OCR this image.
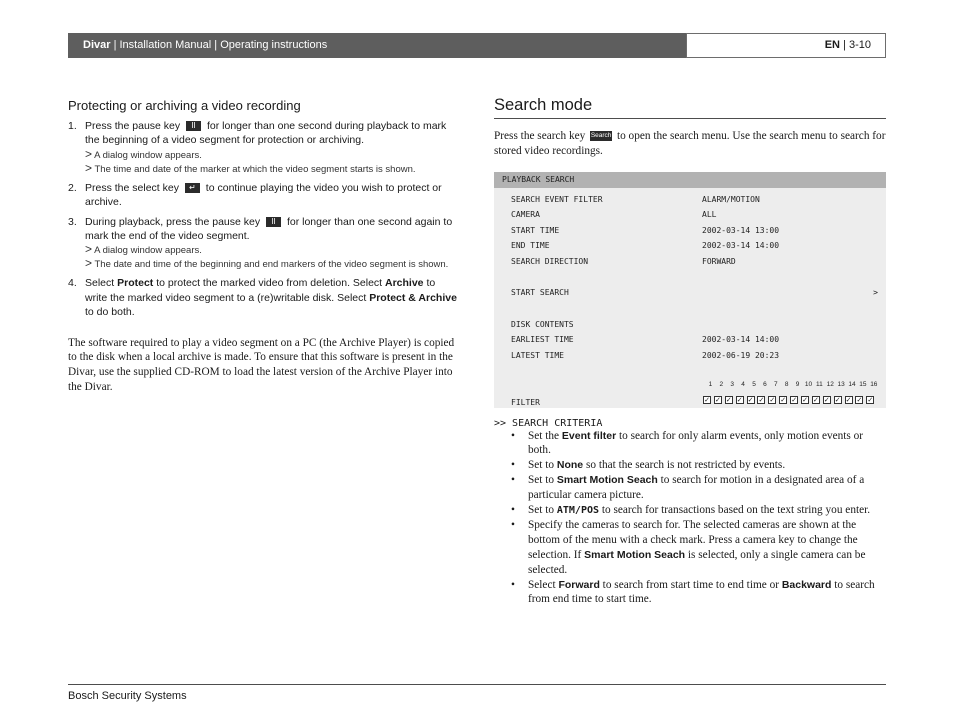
Divar | Installation Manual | Operating instructions	EN | 3-10
Protecting or archiving a video recording
1. Press the pause key II for longer than one second during playback to mark the beginning of a video segment for protection or archiving.
> A dialog window appears.
> The time and date of the marker at which the video segment starts is shown.
2. Press the select key ↵ to continue playing the video you wish to protect or archive.
3. During playback, press the pause key II for longer than one second again to mark the end of the video segment.
> A dialog window appears.
> The date and time of the beginning and end markers of the video segment is shown.
4. Select Protect to protect the marked video from deletion. Select Archive to write the marked video segment to a (re)writable disk. Select Protect & Archive to do both.

The software required to play a video segment on a PC (the Archive Player) is copied to the disk when a local archive is made. To ensure that this software is present in the Divar, use the supplied CD-ROM to load the latest version of the Archive Player into the Divar.

Search mode
Press the search key Search to open the search menu. Use the search menu to search for stored video recordings.
PLAYBACK SEARCH
SEARCH EVENT FILTER	ALARM/MOTION
CAMERA	ALL
START TIME	2002-03-14 13:00
END TIME	2002-03-14 14:00
SEARCH DIRECTION	FORWARD
START SEARCH	>
DISK CONTENTS
EARLIEST TIME	2002-03-14 14:00
LATEST TIME	2002-06-19 20:23
1 2 3 4 5 6 7 8 9 10 11 12 13 14 15 16
FILTER	✓ ✓ ✓ ✓ ✓ ✓ ✓ ✓ ✓ ✓ ✓ ✓ ✓ ✓ ✓ ✓
>> SEARCH CRITERIA
• Set the Event filter to search for only alarm events, only motion events or both.
• Set to None so that the search is not restricted by events.
• Set to Smart Motion Seach to search for motion in a designated area of a particular camera picture.
• Set to ATM/POS to search for transactions based on the text string you enter.
• Specify the cameras to search for. The selected cameras are shown at the bottom of the menu with a check mark. Press a camera key to change the selection. If Smart Motion Seach is selected, only a single camera can be selected.
• Select Forward to search from start time to end time or Backward to search from end time to start time.
Bosch Security Systems
